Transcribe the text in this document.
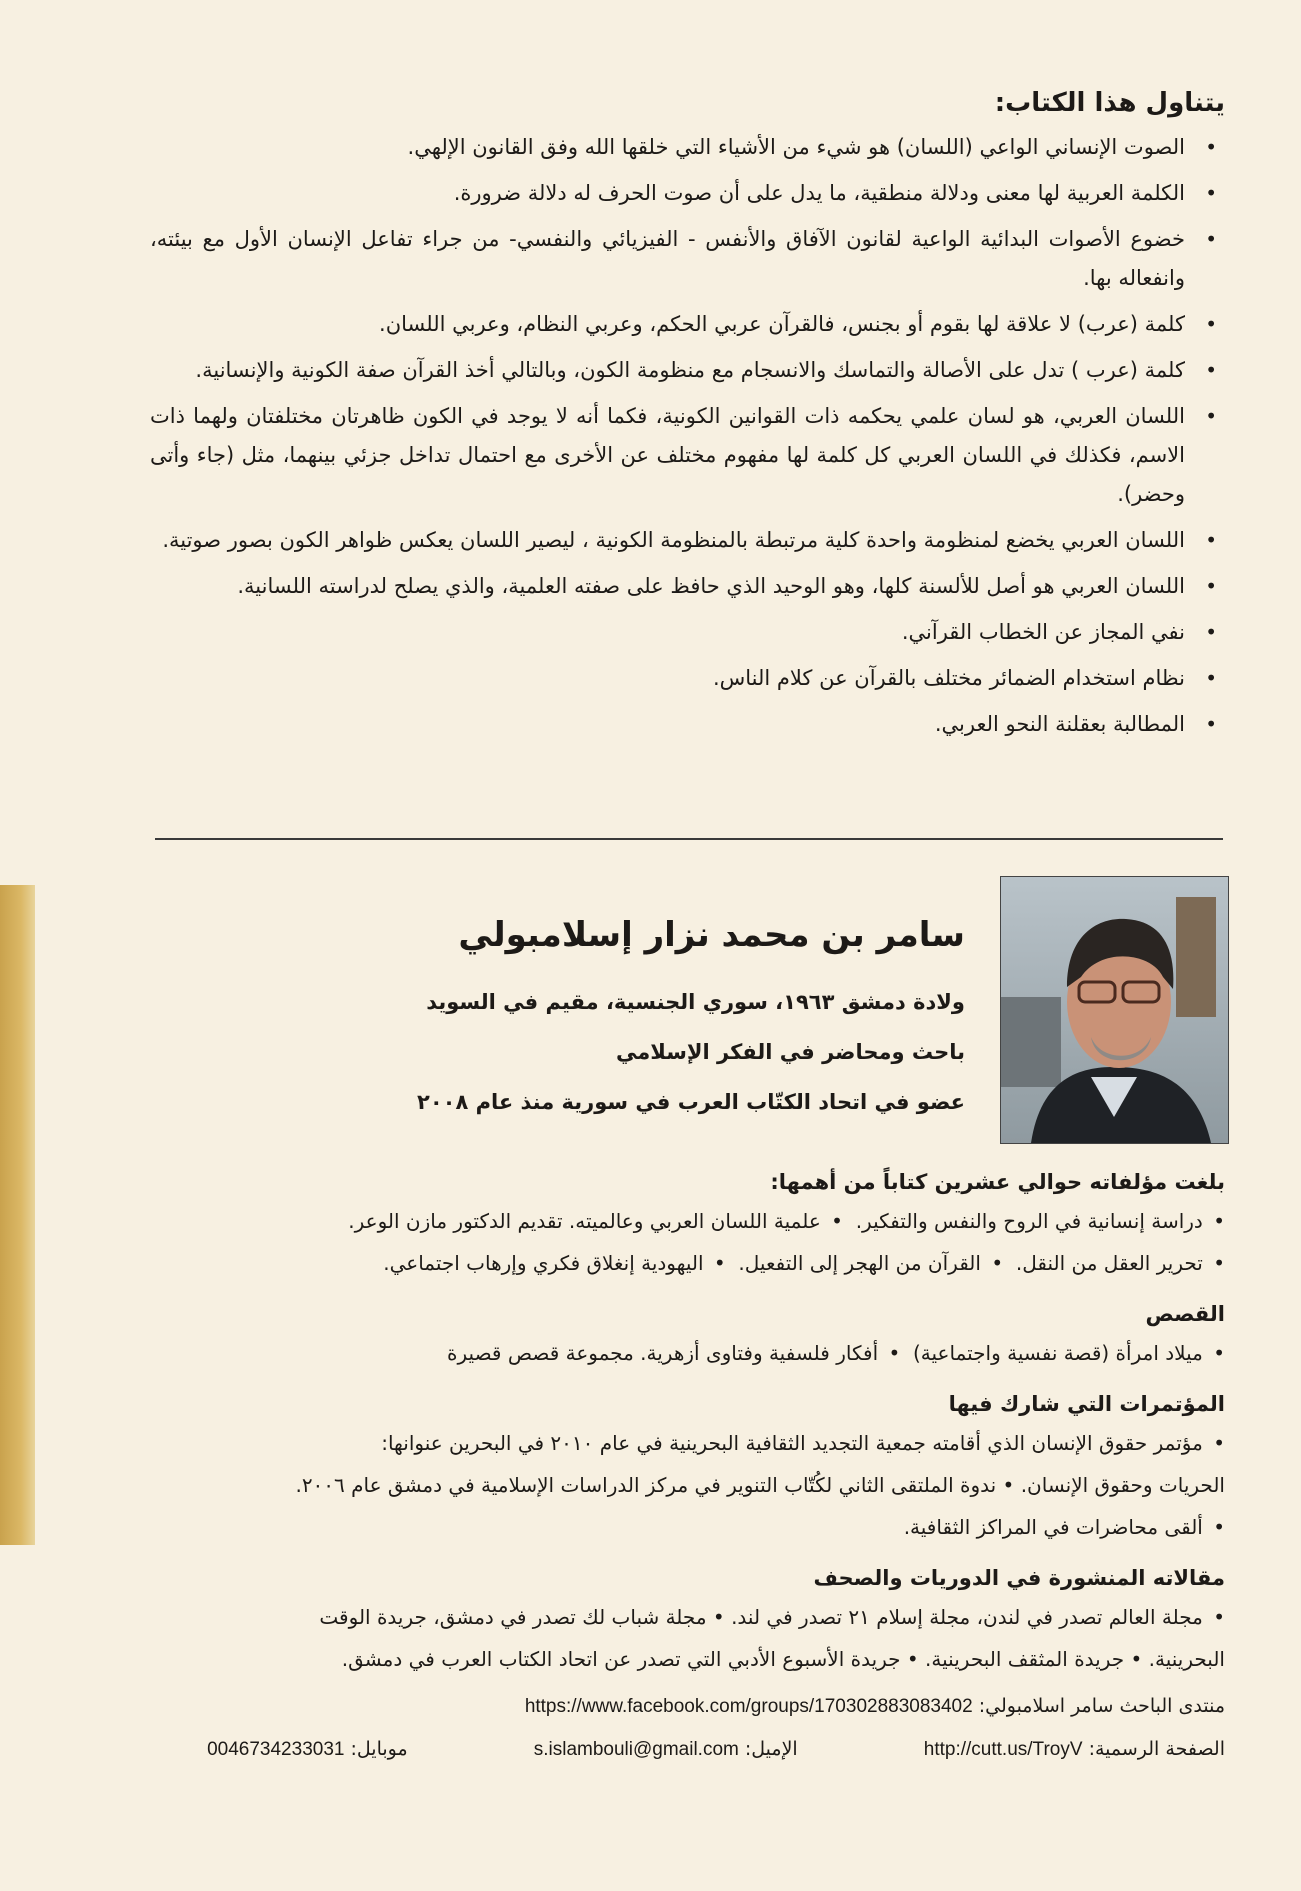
يتناول هذا الكتاب:
• الصوت الإنساني الواعي (اللسان) هو شيء من الأشياء التي خلقها الله وفق القانون الإلهي.
• الكلمة العربية لها معنى ودلالة منطقية، ما يدل على أن صوت الحرف له دلالة ضرورة.
• خضوع الأصوات البدائية الواعية لقانون الآفاق والأنفس - الفيزيائي والنفسي- من جراء تفاعل الإنسان الأول مع بيئته، وانفعاله بها.
• كلمة (عرب) لا علاقة لها بقوم أو بجنس، فالقرآن عربي الحكم، وعربي النظام، وعربي اللسان.
• كلمة (عرب ) تدل على الأصالة والتماسك والانسجام مع منظومة الكون، وبالتالي أخذ القرآن صفة الكونية والإنسانية.
• اللسان العربي، هو لسان علمي يحكمه ذات القوانين الكونية، فكما أنه لا يوجد في الكون ظاهرتان مختلفتان ولهما ذات الاسم، فكذلك في اللسان العربي كل كلمة لها مفهوم مختلف عن الأخرى مع احتمال تداخل جزئي بينهما، مثل (جاء وأتى وحضر).
• اللسان العربي يخضع لمنظومة واحدة كلية مرتبطة بالمنظومة الكونية ، ليصير اللسان يعكس ظواهر الكون بصور صوتية.
• اللسان العربي هو أصل للألسنة كلها، وهو الوحيد الذي حافظ على صفته العلمية، والذي يصلح لدراسته اللسانية.
• نفي المجاز عن الخطاب القرآني.
• نظام استخدام الضمائر مختلف بالقرآن عن كلام الناس.
• المطالبة بعقلنة النحو العربي.
سامر بن محمد نزار إسلامبولي
ولادة دمشق ١٩٦٣، سوري الجنسية، مقيم في السويد
باحث ومحاضر في الفكر الإسلامي
عضو في اتحاد الكتّاب العرب في سورية منذ عام ٢٠٠٨
بلغت مؤلفاته حوالي عشرين كتاباً من أهمها:
• دراسة إنسانية في الروح والنفس والتفكير.  • علمية اللسان العربي وعالميته. تقديم الدكتور مازن الوعر.
• تحرير العقل من النقل.  • القرآن من الهجر إلى التفعيل.  • اليهودية إنغلاق فكري وإرهاب اجتماعي.
القصص
• ميلاد امرأة (قصة نفسية واجتماعية)  • أفكار فلسفية وفتاوى أزهرية. مجموعة قصص قصيرة
المؤتمرات التي شارك فيها
• مؤتمر حقوق الإنسان الذي أقامته جمعية التجديد الثقافية البحرينية في عام ٢٠١٠ في البحرين عنوانها:
الحريات وحقوق الإنسان. • ندوة الملتقى الثاني لكُتّاب التنوير في مركز الدراسات الإسلامية في دمشق عام ٢٠٠٦.
• ألقى محاضرات في المراكز الثقافية.
مقالاته المنشورة في الدوريات والصحف
• مجلة العالم تصدر في لندن، مجلة إسلام ٢١ تصدر في لند. • مجلة شباب لك تصدر في دمشق، جريدة الوقت
البحرينية. • جريدة المثقف البحرينية. • جريدة الأسبوع الأدبي التي تصدر عن اتحاد الكتاب العرب في دمشق.
منتدى الباحث سامر اسلامبولي: https://www.facebook.com/groups/170302883083402
الصفحة الرسمية: http://cutt.us/TroyV الإميل: s.islambouli@gmail.com موبايل: 0046734233031
